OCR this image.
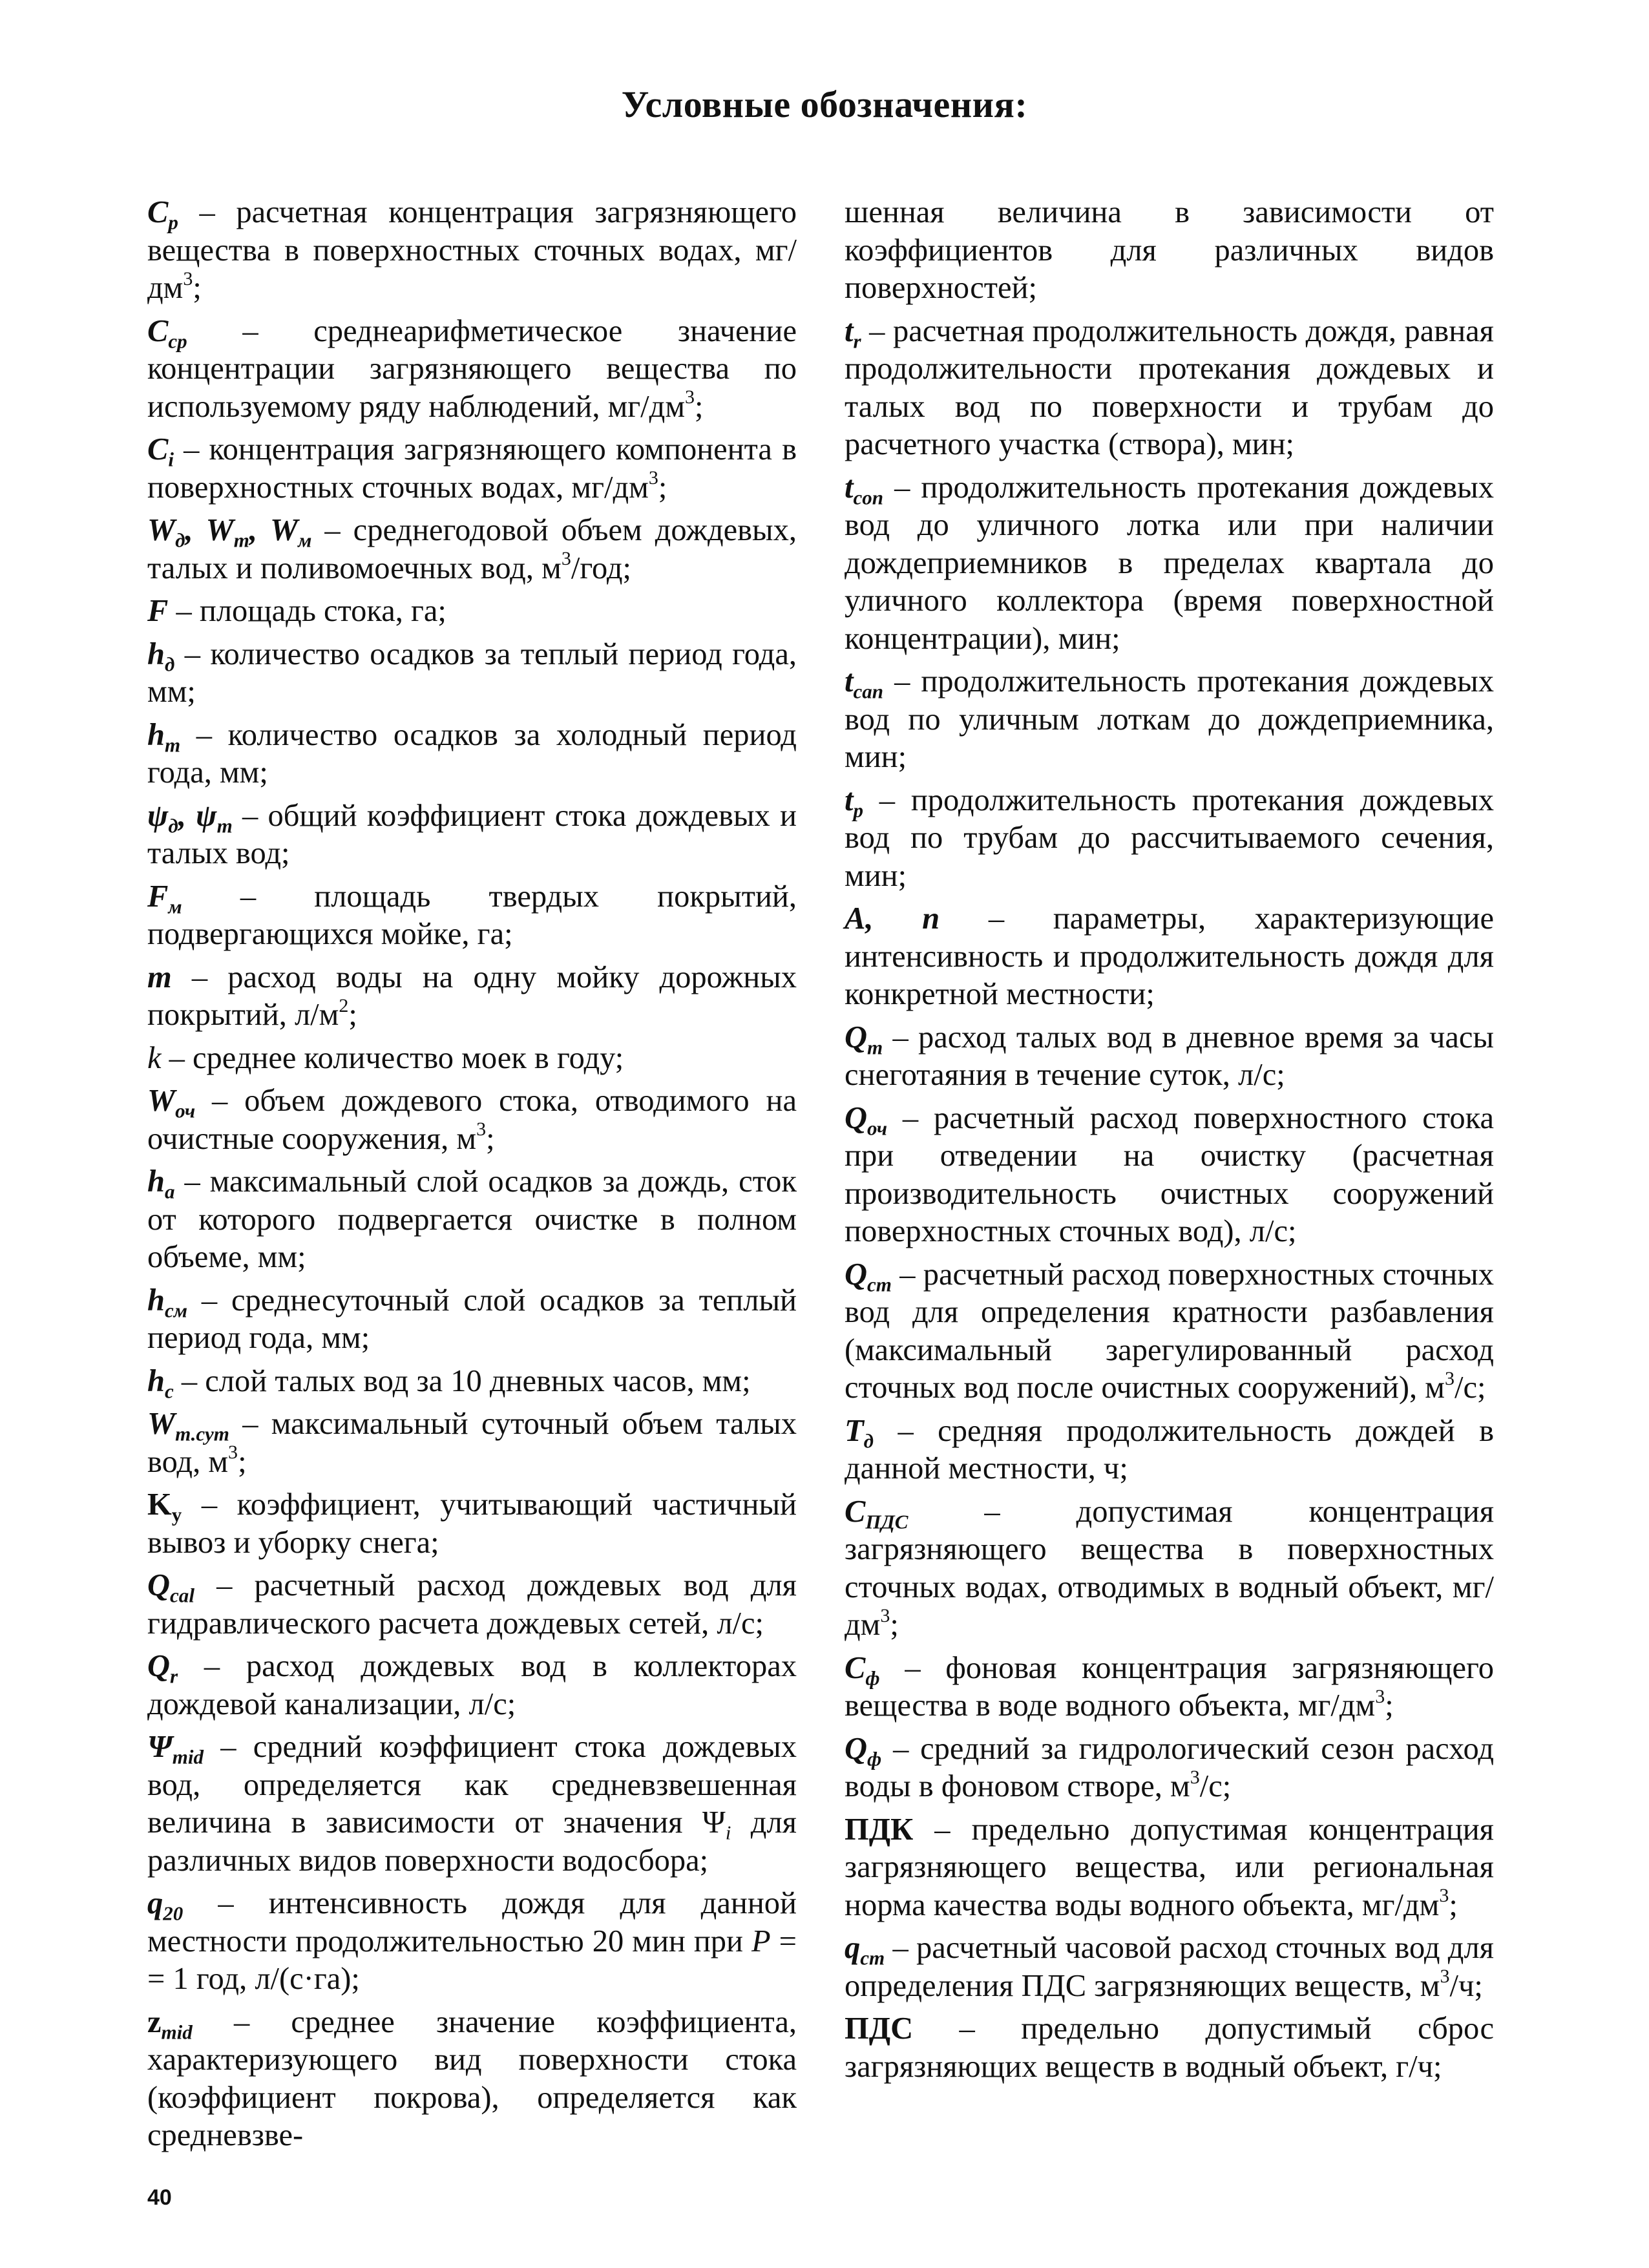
Условные обозначения:

$C_р$ – расчетная концентрация загрязняющего вещества в поверхностных сточных водах, $мг/дм^3$;

$C_{ср}$ – среднеарифметическое значение концентрации загрязняющего вещества по используемому ряду наблюдений, $мг/дм^3$;

$C_i$ – концентрация загрязняющего компонента в поверхностных сточных водах, $мг/дм^3$;

$W_д$, $W_т$, $W_м$ – среднегодовой объем дождевых, талых и поливомоечных вод, $м^3$/год;

F – площадь стока, га;

$h_д$ – количество осадков за теплый период года, мм;

$h_т$ – количество осадков за холодный период года, мм;

$\psi_д$, $\psi_т$ – общий коэффициент стока дождевых и талых вод;

$F_м$ – площадь твердых покрытий, подвергающихся мойке, га;

m – расход воды на одну мойку дорожных покрытий, $л/м^2$;

k – среднее количество моек в году;

$W_{оч}$ – объем дождевого стока, отводимого на очистные сооружения, $м^3$;

$h_а$ – максимальный слой осадков за дождь, сток от которого подвергается очистке в полном объеме, мм;

$h_{см}$ – среднесуточный слой осадков за теплый период года, мм;

$h_с$ – слой талых вод за 10 дневных часов, мм;

$W_{т.сут}$ – максимальный суточный объем талых вод, $м^3$;

$K_у$ – коэффициент, учитывающий частичный вывоз и уборку снега;

$Q_{cal}$ – расчетный расход дождевых вод для гидравлического расчета дождевых сетей, л/с;

$Q_r$ – расход дождевых вод в коллекторах дождевой канализации, л/с;

$\Psi_{mid}$ – средний коэффициент стока дождевых вод, определяется как средневзвешенная величина в зависимости от значения $\Psi_i$ для различных видов поверхности водосбора;

$q_{20}$ – интенсивность дождя для данной местности продолжительностью 20 мин при P = = 1 год, л/(с·га);

$z_{mid}$ – среднее значение коэффициента, характеризующего вид поверхности стока (коэффициент покрова), определяется как средневзве-

шенная величина в зависимости от коэффициентов для различных видов поверхностей;

$t_r$ – расчетная продолжительность дождя, равная продолжительности протекания дождевых и талых вод по поверхности и трубам до расчетного участка (створа), мин;

$t_{con}$ – продолжительность протекания дождевых вод до уличного лотка или при наличии дождеприемников в пределах квартала до уличного коллектора (время поверхностной концентрации), мин;

$t_{can}$ – продолжительность протекания дождевых вод по уличным лоткам до дождеприемника, мин;

$t_p$ – продолжительность протекания дождевых вод по трубам до рассчитываемого сечения, мин;

A, n – параметры, характеризующие интенсивность и продолжительность дождя для конкретной местности;

$Q_т$ – расход талых вод в дневное время за часы снеготаяния в течение суток, л/с;

$Q_{оч}$ – расчетный расход поверхностного стока при отведении на очистку (расчетная производительность очистных сооружений поверхностных сточных вод), л/с;

$Q_{ст}$ – расчетный расход поверхностных сточных вод для определения кратности разбавления (максимальный зарегулированный расход сточных вод после очистных сооружений), $м^3/с$;

$T_д$ – средняя продолжительность дождей в данной местности, ч;

$C_{ПДС}$ – допустимая концентрация загрязняющего вещества в поверхностных сточных водах, отводимых в водный объект, $мг/дм^3$;

$C_ф$ – фоновая концентрация загрязняющего вещества в воде водного объекта, $мг/дм^3$;

$Q_ф$ – средний за гидрологический сезон расход воды в фоновом створе, $м^3/с$;

ПДК – предельно допустимая концентрация загрязняющего вещества, или региональная норма качества воды водного объекта, $мг/дм^3$;

$q_{ст}$ – расчетный часовой расход сточных вод для определения ПДС загрязняющих веществ, $м^3/ч$;

ПДС – предельно допустимый сброс загрязняющих веществ в водный объект, г/ч;

40
